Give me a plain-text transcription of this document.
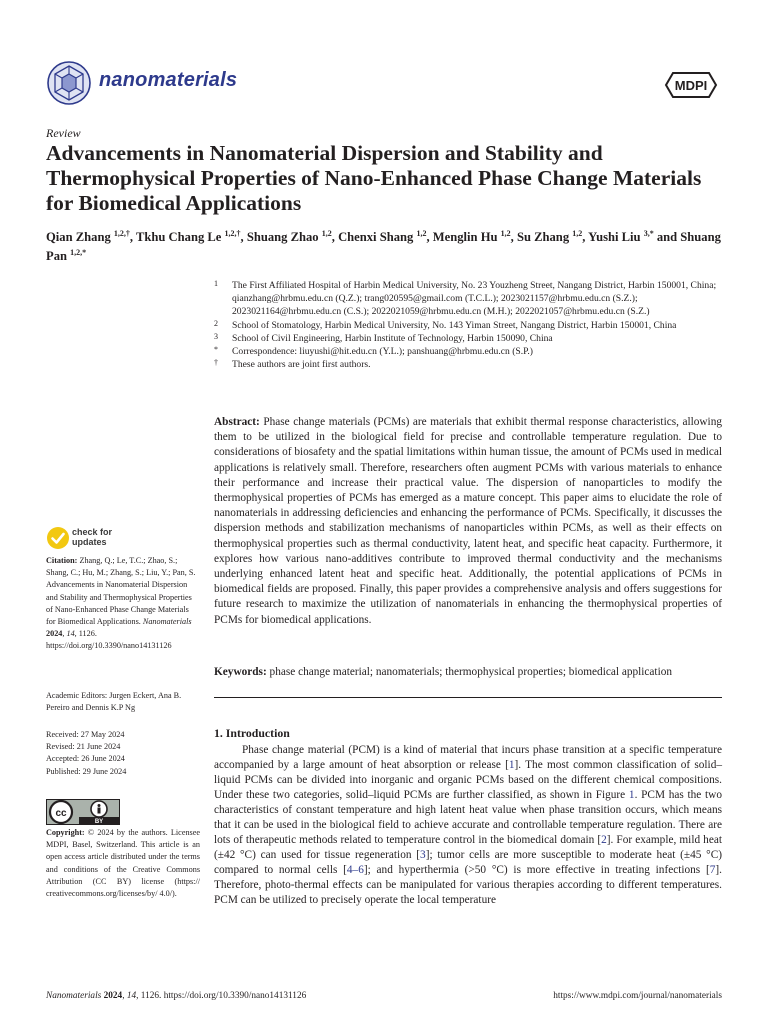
nanomaterials	MDPI
Review
Advancements in Nanomaterial Dispersion and Stability and Thermophysical Properties of Nano-Enhanced Phase Change Materials for Biomedical Applications
Qian Zhang $^{1,2,\dagger}$, Tkhu Chang Le $^{1,2,\dagger}$, Shuang Zhao $^{1,2}$, Chenxi Shang $^{1,2}$, Menglin Hu $^{1,2}$, Su Zhang $^{1,2}$, Yushi Liu $^{3,*}$ and Shuang Pan $^{1,2,*}$

1 The First Affiliated Hospital of Harbin Medical University, No. 23 Youzheng Street, Nangang District, Harbin 150001, China; qianzhang@hrbmu.edu.cn (Q.Z.); trang020595@gmail.com (T.C.L.); 2023021157@hrbmu.edu.cn (S.Z.); 2023021164@hrbmu.edu.cn (C.S.); 2022021059@hrbmu.edu.cn (M.H.); 2022021057@hrbmu.edu.cn (S.Z.)

2 School of Stomatology, Harbin Medical University, No. 143 Yiman Street, Nangang District, Harbin 150001, China

3 School of Civil Engineering, Harbin Institute of Technology, Harbin 150090, China

* Correspondence: liuyushi@hit.edu.cn (Y.L.); panshuang@hrbmu.edu.cn (S.P.)

† These authors are joint first authors.

Abstract: Phase change materials (PCMs) are materials that exhibit thermal response characteristics, allowing them to be utilized in the biological field for precise and controllable temperature regulation. Due to considerations of biosafety and the spatial limitations within human tissue, the amount of PCMs used in medical applications is relatively small. Therefore, researchers often augment PCMs with various materials to enhance their performance and increase their practical value. The dispersion of nanoparticles to modify the thermophysical properties of PCMs has emerged as a mature concept. This paper aims to elucidate the role of nanomaterials in addressing deficiencies and enhancing the performance of PCMs. Specifically, it discusses the dispersion methods and stabilization mechanisms of nanoparticles within PCMs, as well as their effects on thermophysical properties such as thermal conductivity, latent heat, and specific heat capacity. Furthermore, it explores how various nano-additives contribute to improved thermal conductivity and the mechanisms underlying enhanced latent heat and specific heat. Additionally, the potential applications of PCMs in biomedical fields are proposed. Finally, this paper provides a comprehensive analysis and offers suggestions for future research to maximize the utilization of nanomaterials in enhancing the thermophysical properties of PCMs for biomedical applications.
Keywords: phase change material; nanomaterials; thermophysical properties; biomedical application
1. Introduction
Phase change material (PCM) is a kind of material that incurs phase transition at a specific temperature accompanied by a large amount of heat absorption or release [1]. The most common classification of solid–liquid PCMs can be divided into inorganic and organic PCMs based on the different chemical compositions. Under these two categories, solid–liquid PCMs are further classified, as shown in Figure 1. PCM has the two characteristics of constant temperature and high latent heat value when phase transition occurs, which means that it can be used in the biological field to achieve accurate and controllable temperature regulation. There are lots of therapeutic methods related to temperature control in the biomedical domain [2]. For example, mild heat (±42 °C) can used for tissue regeneration [3]; tumor cells are more susceptible to moderate heat (±45 °C) compared to normal cells [4–6]; and hyperthermia (>50 °C) is more effective in treating infections [7]. Therefore, photo-thermal effects can be manipulated for various therapies according to different temperatures. PCM can be utilized to precisely operate the local temperature
check for
updates
Citation: Zhang, Q.; Le, T.C.; Zhao, S.; Shang, C.; Hu, M.; Zhang, S.; Liu, Y.; Pan, S. Advancements in Nanomaterial Dispersion and Stability and Thermophysical Properties of Nano-Enhanced Phase Change Materials for Biomedical Applications. Nanomaterials 2024, 14, 1126. https://doi.org/10.3390/nano14131126
Academic Editors: Jurgen Eckert, Ana B. Pereiro and Dennis K.P Ng
Received: 27 May 2024
Revised: 21 June 2024
Accepted: 26 June 2024
Published: 29 June 2024
cc
BY
Copyright: © 2024 by the authors. Licensee MDPI, Basel, Switzerland. This article is an open access article distributed under the terms and conditions of the Creative Commons Attribution (CC BY) license (https:// creativecommons.org/licenses/by/ 4.0/).
Nanomaterials 2024, 14, 1126. https://doi.org/10.3390/nano14131126	https://www.mdpi.com/journal/nanomaterials
